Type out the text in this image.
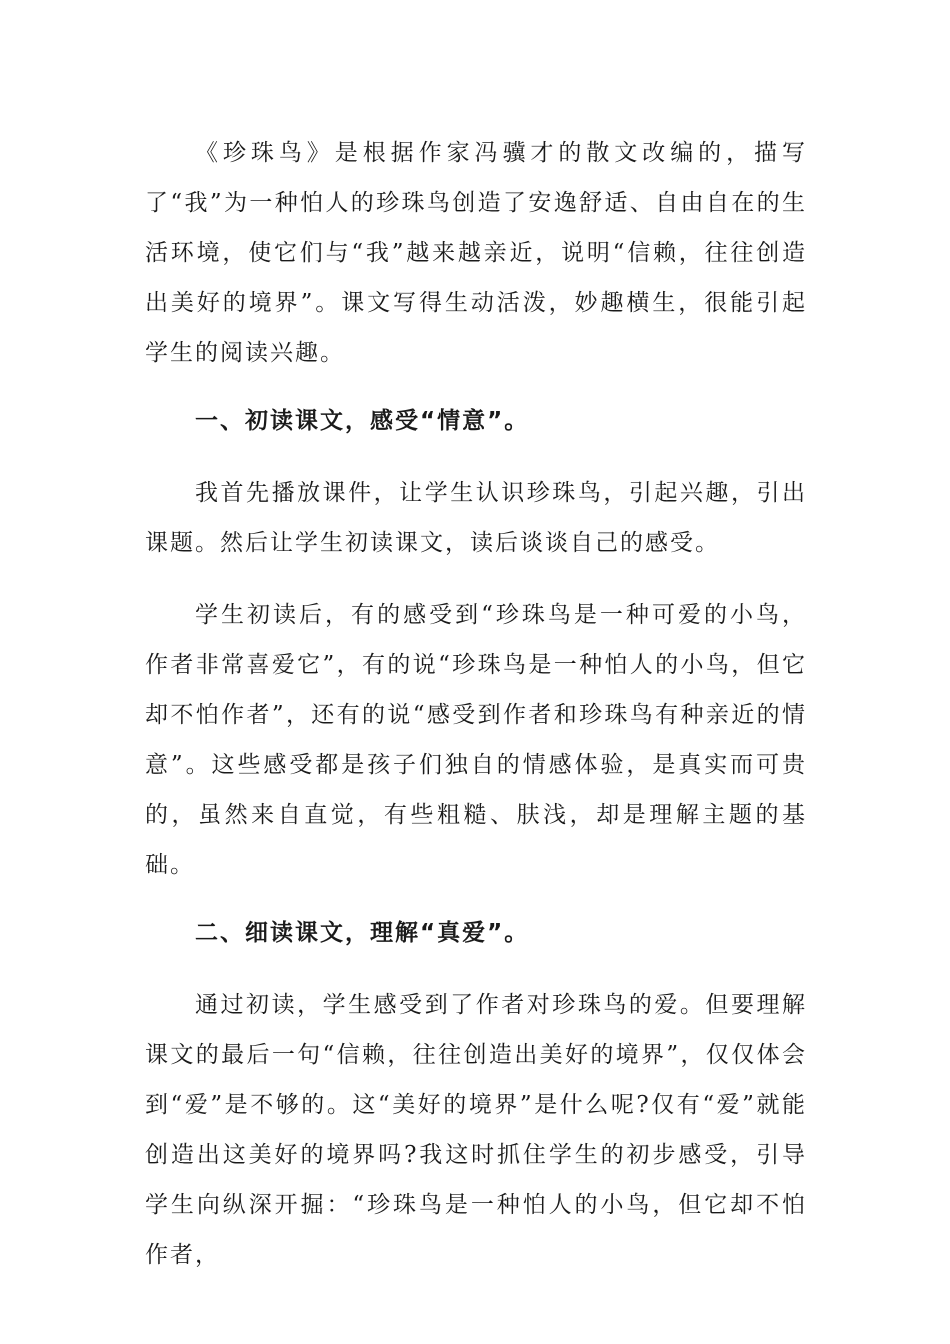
《珍珠鸟》是根据作家冯骥才的散文改编的，描写了“我”为一种怕人的珍珠鸟创造了安逸舒适、自由自在的生活环境，使它们与“我”越来越亲近，说明“信赖，往往创造出美好的境界”。课文写得生动活泼，妙趣横生，很能引起学生的阅读兴趣。

一、初读课文，感受“情意”。

我首先播放课件，让学生认识珍珠鸟，引起兴趣，引出课题。然后让学生初读课文，读后谈谈自己的感受。

学生初读后，有的感受到“珍珠鸟是一种可爱的小鸟，作者非常喜爱它”，有的说“珍珠鸟是一种怕人的小鸟，但它却不怕作者”，还有的说“感受到作者和珍珠鸟有种亲近的情意”。这些感受都是孩子们独自的情感体验，是真实而可贵的，虽然来自直觉，有些粗糙、肤浅，却是理解主题的基础。

二、细读课文，理解“真爱”。

通过初读，学生感受到了作者对珍珠鸟的爱。但要理解课文的最后一句“信赖，往往创造出美好的境界”，仅仅体会到“爱”是不够的。这“美好的境界”是什么呢?仅有“爱”就能创造出这美好的境界吗?我这时抓住学生的初步感受，引导学生向纵深开掘：“珍珠鸟是一种怕人的小鸟，但它却不怕作者，
